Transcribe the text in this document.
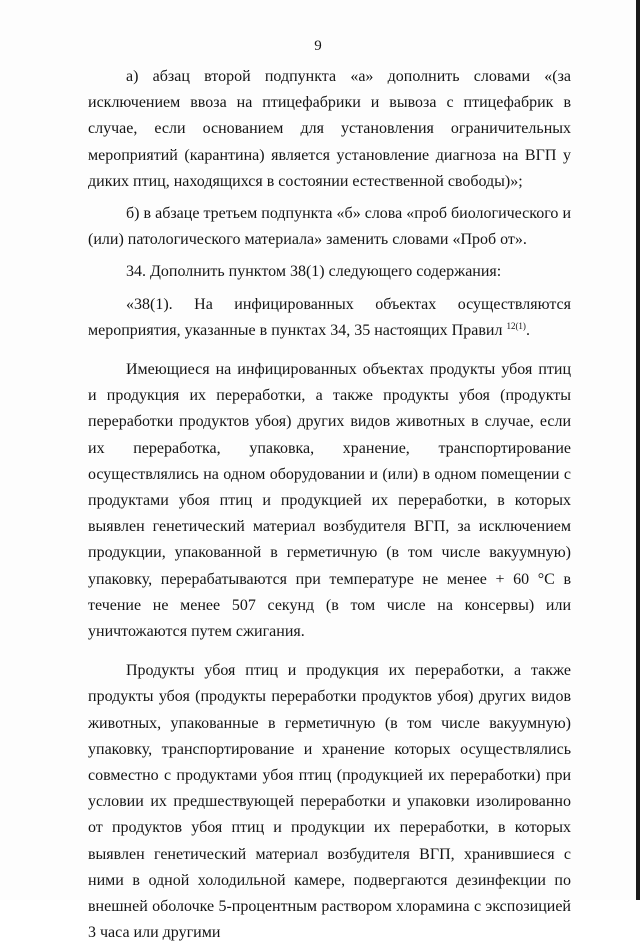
9

а) абзац второй подпункта «а» дополнить словами «(за исключением ввоза на птицефабрики и вывоза с птицефабрик в случае, если основанием для установления ограничительных мероприятий (карантина) является установление диагноза на ВГП у диких птиц, находящихся в состоянии естественной свободы)»;

б) в абзаце третьем подпункта «б» слова «проб биологического и (или) патологического материала» заменить словами «Проб от».

34. Дополнить пунктом 38(1) следующего содержания:

«38(1). На инфицированных объектах осуществляются мероприятия, указанные в пунктах 34, 35 настоящих Правил $^{12(1)}$.

Имеющиеся на инфицированных объектах продукты убоя птиц и продукция их переработки, а также продукты убоя (продукты переработки продуктов убоя) других видов животных в случае, если их переработка, упаковка, хранение, транспортирование осуществлялись на одном оборудовании и (или) в одном помещении с продуктами убоя птиц и продукцией их переработки, в которых выявлен генетический материал возбудителя ВГП, за исключением продукции, упакованной в герметичную (в том числе вакуумную) упаковку, перерабатываются при температуре не менее + 60 °С в течение не менее 507 секунд (в том числе на консервы) или уничтожаются путем сжигания.

Продукты убоя птиц и продукция их переработки, а также продукты убоя (продукты переработки продуктов убоя) других видов животных, упакованные в герметичную (в том числе вакуумную) упаковку, транспортирование и хранение которых осуществлялись совместно с продуктами убоя птиц (продукцией их переработки) при условии их предшествующей переработки и упаковки изолированно от продуктов убоя птиц и продукции их переработки, в которых выявлен генетический материал возбудителя ВГП, хранившиеся с ними в одной холодильной камере, подвергаются дезинфекции по внешней оболочке 5-процентным раствором хлорамина с экспозицией 3 часа или другими
